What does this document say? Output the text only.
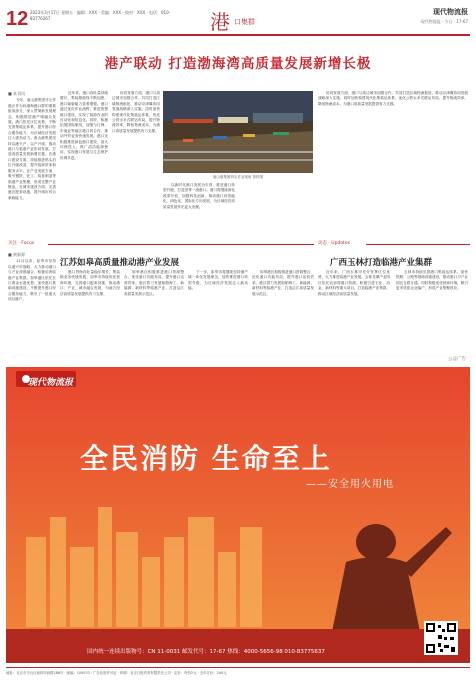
12 2023年3月17日 星期五 · 编辑：XXX · 美编：XXX · 校对：XXX · 电话：010-83776267	港 口集群
现代物流报
现代物流报 · 今日 · 17-67
港产联动 打造渤海湾高质量发展新增长极
■ 本刊讯
今年，唐山港集团开元作港区作为环渤海港口群的重要组成部分，深入贯彻新发展理念，积极推进港产城融合发展。港口依托区位优势，不断完善集疏运体系，提升港口综合服务能力，为区域经济发展注入强劲动力。唐山港集团坚持以港兴产、以产兴城，推动港口与临港产业协同发展，打造高质量发展新增长极。在港口建设方面，持续推进码头泊位升级改造，提升装卸效率和服务水平。在产业发展方面，吸引钢铁、化工、装备制造等临港产业集聚，形成完整产业链条。在城市建设方面，完善港区配套设施，提升城市综合承载能力。
近年来，港口吞吐量持续增长，集装箱航线不断加密，港口辐射能力显著增强。港口通过优化作业流程、推进智慧港口建设，实现了装卸作业的自动化和信息化。同时，积极拓展国际航线，加强与日韩、东南亚等地区港口的合作，推动外贸业务快速发展。港口还积极推进绿色港口建设，加大环保投入，推广清洁能源使用，实现港口发展与生态保护协调共进。
协同发展方面，港口与周边城市加强合作，共同打造区域物流枢纽，推动京津冀协同发展战略深入实施。同时加快构建现代化集疏运体系，优化公铁水多式联运布局，提升物流效率，降低物流成本，为港口高质量发展提供有力支撑。
唐山港集团码头作业现场 资料图
以新时代港口发展为引领，推进港口转型升级，打造世界一流港口。港口将继续深化改革开放，加强科技创新，推动港口向智能化、绿色化、国际化方向发展，为区域经济高质量发展作出更大贡献。
协同发展方面，港口与周边城市加强合作，共同打造区域物流枢纽，推动京津冀协同发展战略深入实施。同时加快构建现代化集疏运体系，优化公铁水多式联运布局，提升物流效率，降低物流成本，为港口高质量发展提供有力支撑。
关注 · Focus	动态 · Updates
江苏如皋高质量推动港产业发展
■ 黄新源
11月以来，如皋市坚持以港兴市战略，大力推动港口与产业深度融合，积极培育临港产业集群。如皋港区依托长江黄金水道优势，加快港口基础设施建设，不断提升港口综合服务能力，吸引了一批重大项目落户。
港口货物吞吐量稳步增长，集装箱业务快速发展。如皋市持续优化营商环境，完善港口配套设施，推动港口、产业、城市融合发展，为地方经济高质量发展提供有力支撑。
如皋港区积极推进港口资源整合，优化港口功能布局，提升港口运营效率。港区着力发展船舶海工、新能源、新材料等临港产业，打造沿江高质量发展示范区。
下一步，如皋市将继续坚持港产城一体化发展理念，加快推进港口转型升级，为区域经济发展注入新动能。
如皋港区积极推进港口资源整合，优化港口功能布局，提升港口运营效率。港区着力发展船舶海工、新能源、新材料等临港产业，打造沿江高质量发展示范区。
广西玉林打造临港产业集群
近年来，广西玉林市充分发挥区位优势，大力推进临港产业发展。玉林龙潭产业园区依托北部湾港口资源，积极引进石化、冶金、新材料等重大项目，打造临港产业集群，推动区域经济高质量发展。
玉林市持续完善港口集疏运体系，加快铁路、公路等基础设施建设，推动港口与产业园区互联互通。同时积极优化营商环境，吸引更多优质企业落户，形成产业集聚效应。
公益广告
现代物流报
全民消防 生命至上
——安全用火用电
国内统一连续出版物号：CN 11-0031 邮发代号：17-67 热线：4000-5656-98 010-83775637
地址：北京市丰台区南四环西路188号 · 邮编：100070 · 广告经营许可证 · 印刷：北京日报印务有限责任公司 · 定价：每份2元 · 全年订价：240元
